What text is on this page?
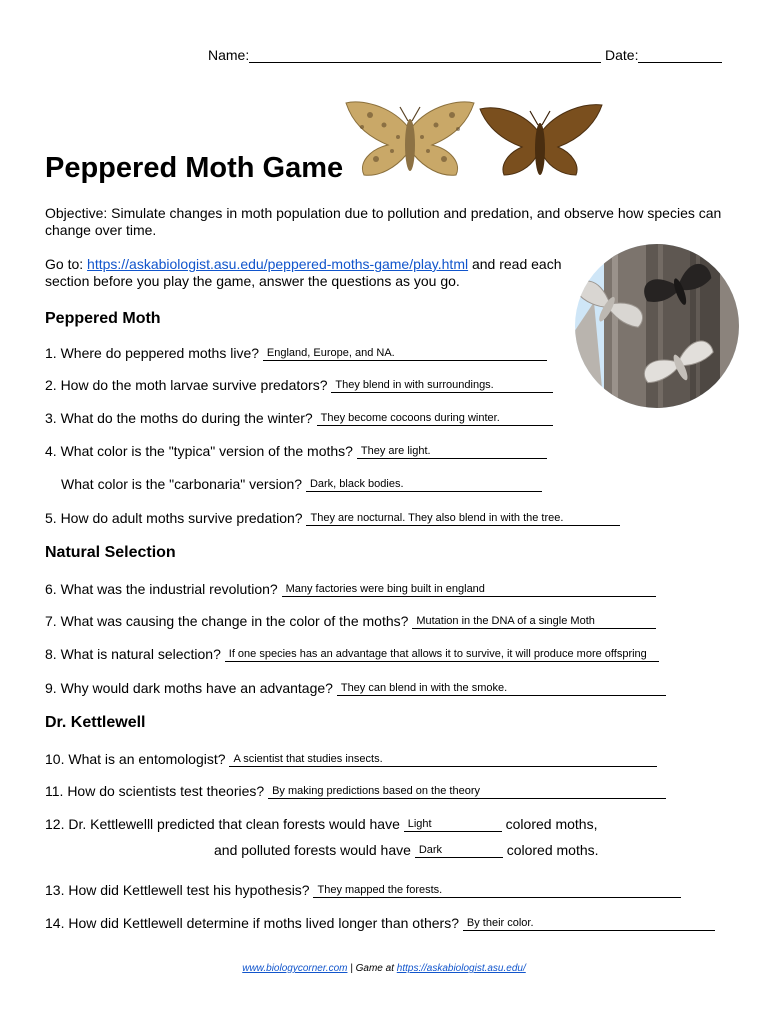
Name:	Date:
Peppered Moth Game
Objective: Simulate changes in moth population due to pollution and predation, and observe how species can change over time.
Go to: https://askabiologist.asu.edu/peppered-moths-game/play.html and read each
section before you play the game, answer the questions as you go.
Peppered Moth
1. Where do peppered moths live? England, Europe, and NA.
2. How do the moth larvae survive predators? They blend in with surroundings.
3. What do the moths do during the winter? They become cocoons during winter.
4. What color is the "typica" version of the moths? They are light.
What color is the "carbonaria" version? Dark, black bodies.
5. How do adult moths survive predation? They are nocturnal. They also blend in with the tree.
Natural Selection
6. What was the industrial revolution? Many factories were bing built in england
7. What was causing the change in the color of the moths? Mutation in the DNA of a single Moth
8. What is natural selection? If one species has an advantage that allows it to survive, it will produce more offspring
9. Why would dark moths have an advantage? They can blend in with the smoke.
Dr. Kettlewell
10. What is an entomologist? A scientist that studies insects.
11. How do scientists test theories? By making predictions based on the theory
12. Dr. Kettlewelll predicted that clean forests would have Light	colored moths,
and polluted forests would have Dark	colored moths.
13. How did Kettlewell test his hypothesis? They mapped the forests.
14. How did Kettlewell determine if moths lived longer than others? By their color.
www.biologycorner.com | Game at https://askabiologist.asu.edu/
